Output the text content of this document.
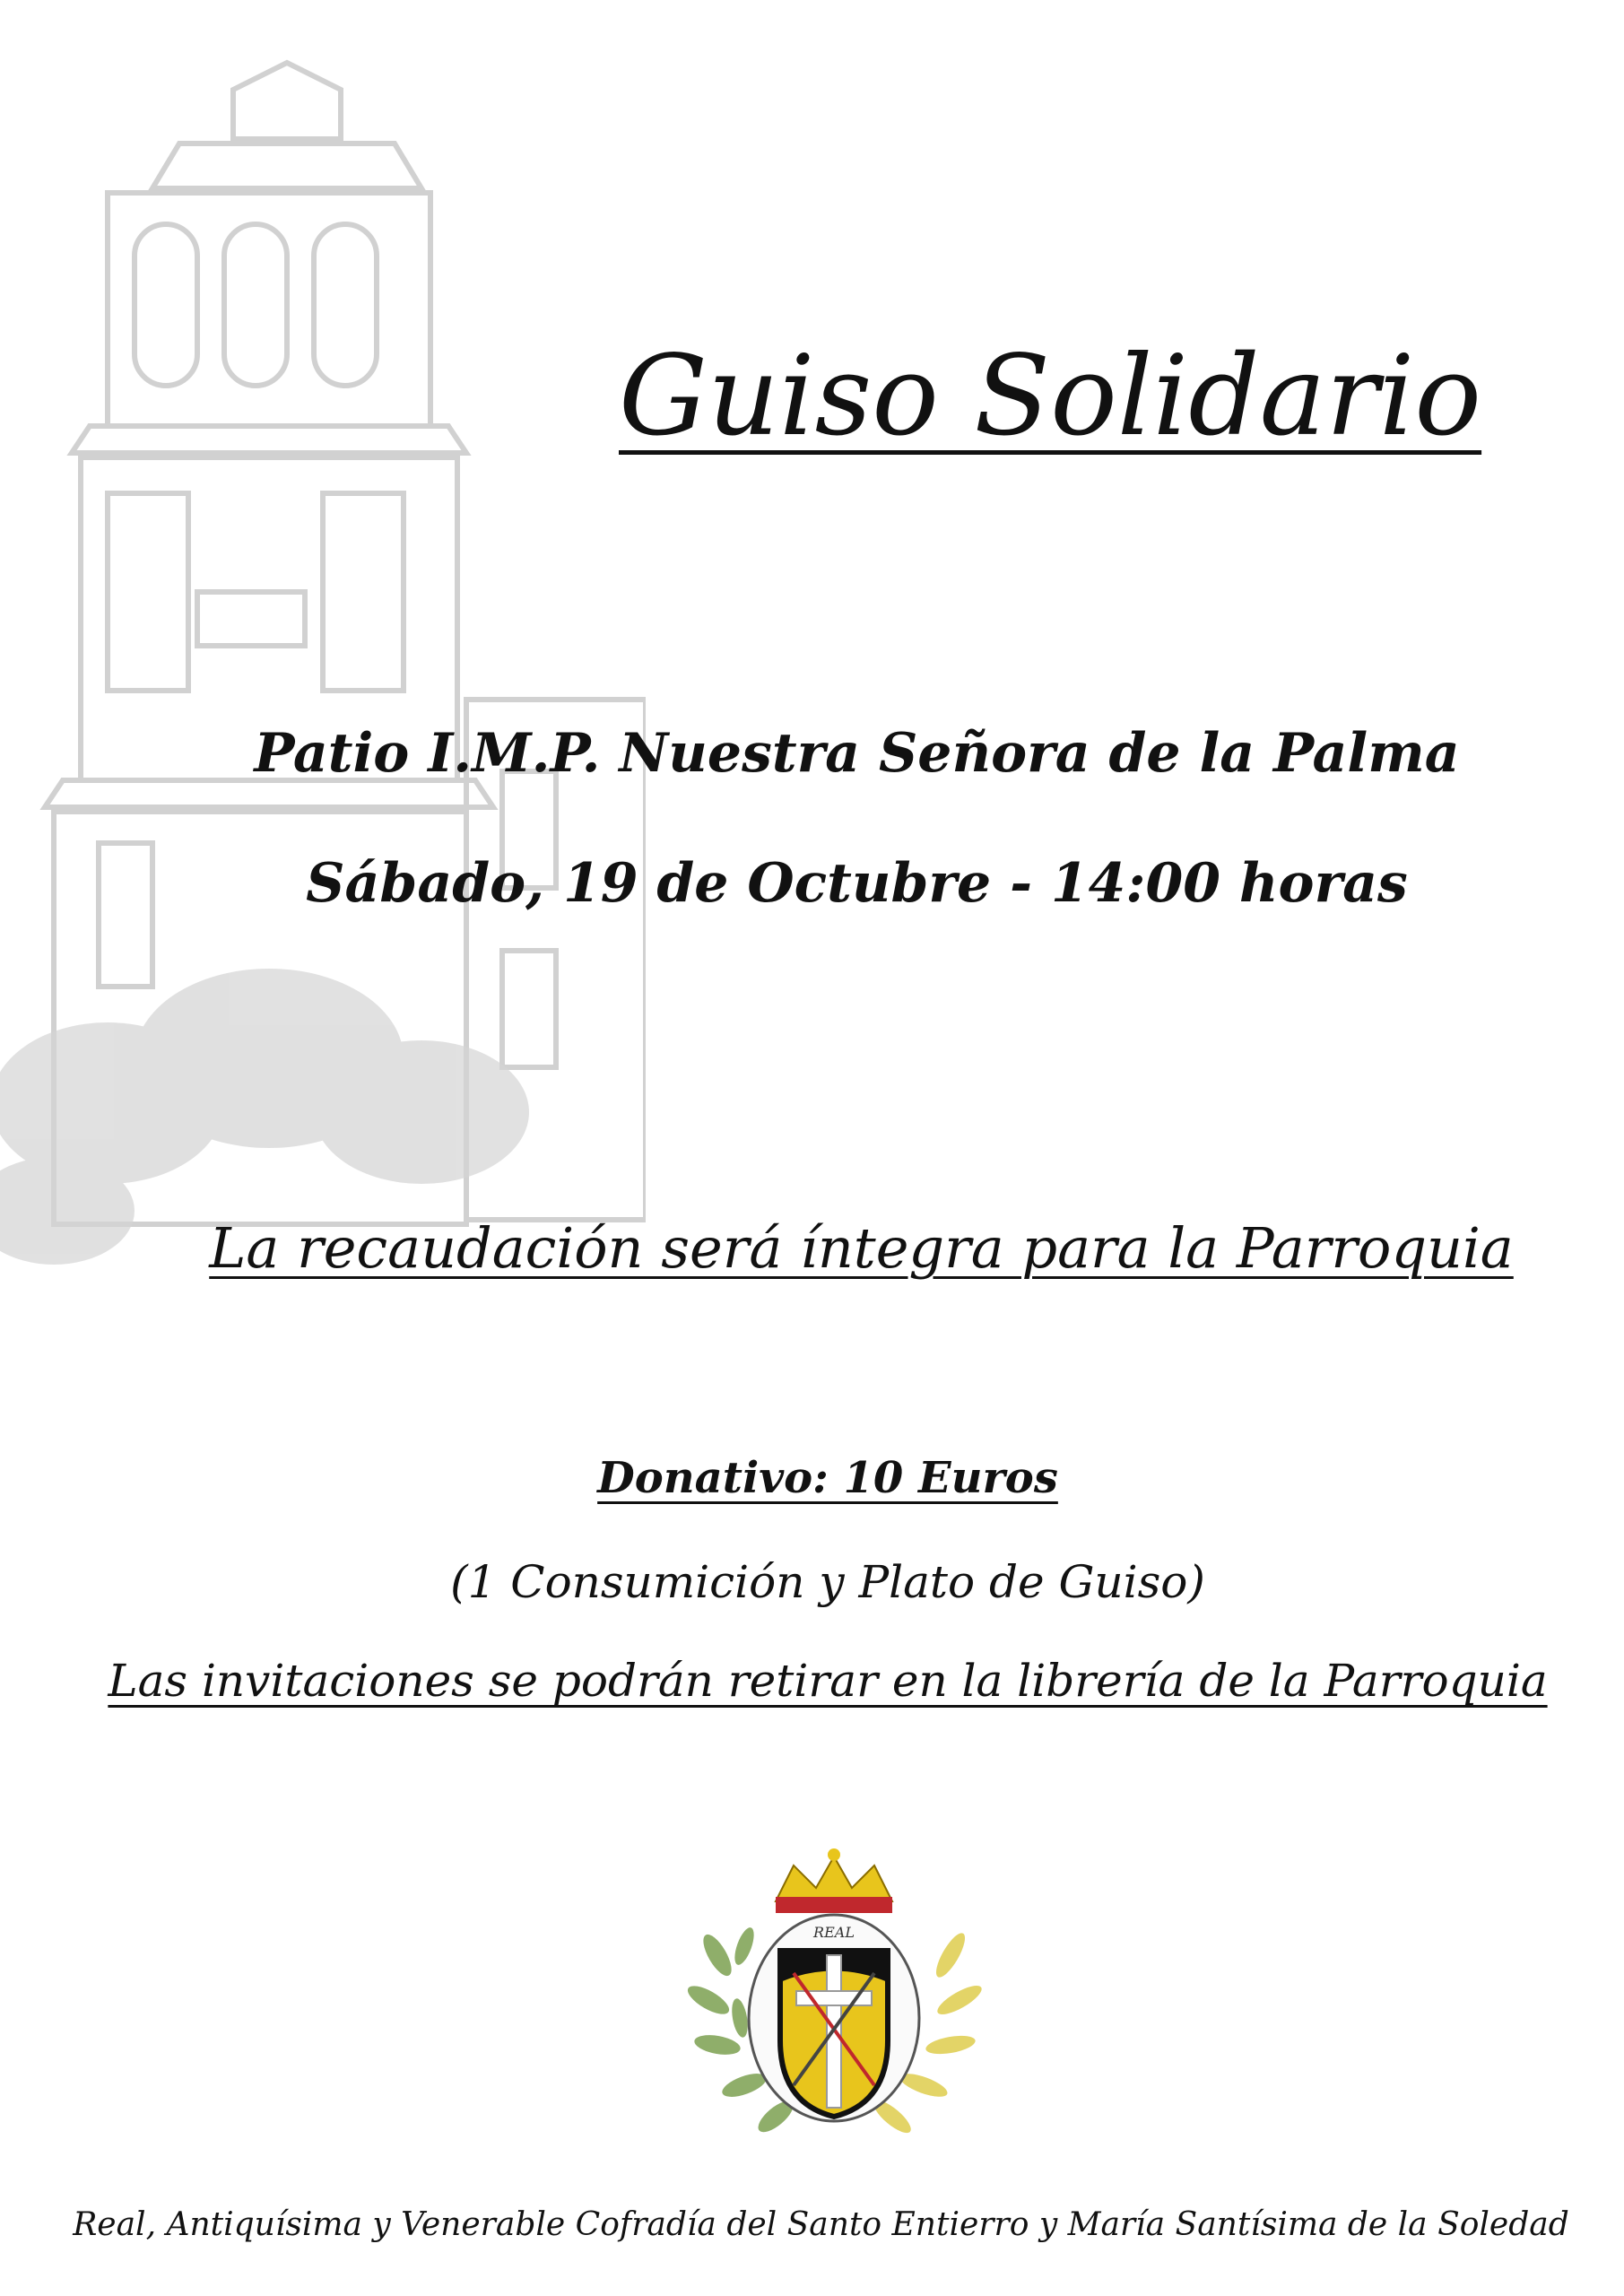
Guiso Solidario

Patio I.M.P. Nuestra Señora de la Palma

Sábado, 19 de Octubre - 14:00 horas

La recaudación será íntegra para la Parroquia

Donativo: 10 Euros

(1 Consumición y Plato de Guiso)

Las invitaciones se podrán retirar en la librería de la Parroquia

REAL

Real, Antiquísima y Venerable Cofradía del Santo Entierro y María Santísima de la Soledad
